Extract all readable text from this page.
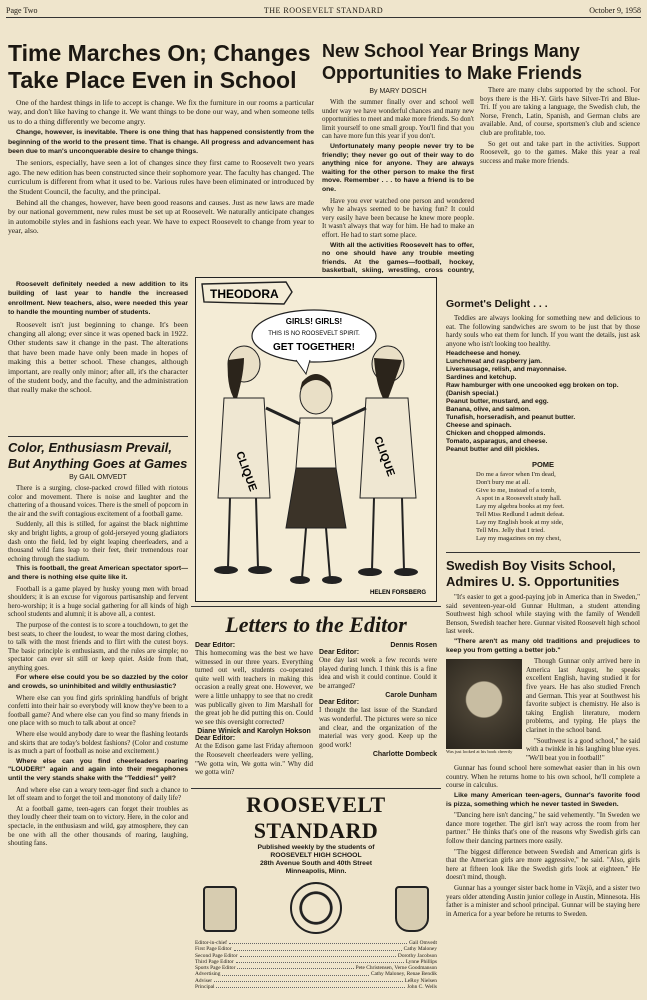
Page Two	THE ROOSEVELT STANDARD	October 9, 1958
Time Marches On; Changes Take Place Even in School

One of the hardest things in life to accept is change. We fix the furniture in our rooms a particular way, and don't like having to change it. We want things to be done our way, and when someone tells us to do a thing differently we become angry.

Change, however, is inevitable. There is one thing that has happened consistently from the beginning of the world to the present time. That is change. All progress and advancement has been due to man's unconquerable desire to change things.

The seniors, especially, have seen a lot of changes since they first came to Roosevelt two years ago. The new edition has been constructed since their sophomore year. The faculty has changed. The curriculum is different from what it used to be. Various rules have been eliminated or introduced by the Student Council, the faculty, and the principal.

Behind all the changes, however, have been good reasons and causes. Just as new laws are made by our national government, new rules must be set up at Roosevelt. We naturally anticipate changes in automobile styles and in fashions each year. We have to expect Roosevelt to change from year to year, also.

Roosevelt definitely needed a new addition to its building of last year to handle the increased enrollment. New teachers, also, were needed this year to handle the mounting number of students.

Roosevelt isn't just beginning to change. It's been changing all along; ever since it was opened back in 1922. Other students saw it change in the past. The alterations that have been made have only been made in hopes of making this a better school. These changes, although important, are really only minor; after all, it's the character of the student body, and the faculty, and the administration that really make the school.

Color, Enthusiasm Prevail, But Anything Goes at Games
By GAIL OMVEDT

There is a surging, close-packed crowd filled with riotous color and movement. There is noise and laughter and the chattering of a thousand voices. There is the smell of popcorn in the air and the swift contagious excitement of a football game.

Suddenly, all this is stilled, for against the black nighttime sky and bright lights, a group of gold-jerseyed young gladiators dash onto the field, led by eight leaping cheerleaders, and a thousand wild fans leap to their feet, their tremendous roar echoing through the stadium.

This is football, the great American spectator sport—and there is nothing else quite like it.

Football is a game played by husky young men with broad shoulders; it is an excuse for vigorous partisanship and fervent hero-worship; it is a huge social gathering for all kinds of high school students and alumni; it is above all, a contest.

The purpose of the contest is to score a touchdown, to get the best seats, to cheer the loudest, to wear the most daring clothes, to talk with the most friends and to flirt with the cutest boys. The basic principle is enthusiasm, and the rules are simple; no spectator can ever sit still or keep quiet. Aside from that, anything goes.

For where else could you be so dazzled by the color and crowds, so uninhibited and wildly enthusiastic?

Where else can you find girls sprinkling handfuls of bright confetti into their hair so everybody will know they've been to a football game? And where else can you find so many friends in one place with so much to talk about at once?

Where else would anybody dare to wear the flashing leotards and skirts that are today's boldest fashions? (Color and costume is as much a part of football as noise and excitement.)

Where else can you find cheerleaders roaring "LOUDER!" again and again into their megaphones until the very stands shake with the "Teddies!" yell?

And where else can a weary teen-ager find such a chance to let off steam and to forget the toil and monotony of daily life?

At a football game, teen-agers can forget their troubles as they loudly cheer their team on to victory. Here, in the color and spectacle, in the enthusiasm and wild, gay atmosphere, they can be one with all the other thousands of roaring, laughing, shouting fans.

New School Year Brings Many Opportunities to Make Friends
By MARY DOSCH

With the summer finally over and school well under way we have wonderful chances and many new opportunities to meet and make more friends. So don't limit yourself to one small group. You'll find that you can have more fun this year if you don't.

Unfortunately many people never try to be friendly; they never go out of their way to do anything nice for anyone. They are always waiting for the other person to make the first move. Remember . . . to have a friend is to be one.

Have you ever watched one person and wondered why he always seemed to be having fun? It could very easily have been because he knew more people. It wasn't always that way for him. He had to make an effort. He had to start some place.

With all the activities Roosevelt has to offer, no one should have any trouble meeting friends. At the games—football, hockey, basketball, skiing, wrestling, cross country,

There are many clubs supported by the school. For boys there is the Hi-Y. Girls have Silver-Tri and Blue-Tri. If you are taking a language, the Swedish club, the Norse, French, Latin, Spanish, and German clubs are available. And, of course, sportsmen's club and science club are profitable, too.

So get out and take part in the activities. Support Roosevelt, go to the games. Make this year a real success and make more friends.

THEODORA
GIRLS! GIRLS!
THIS IS NO ROOSEVELT SPIRIT.
GET TOGETHER!
CLIQUE	CLIQUE
HELEN FORSBERG
Gormet's Delight . . .

Teddies are always looking for something new and delicious to eat. The following sandwiches are sworn to be just that by those hardy souls who eat them for lunch. If you want the details, just ask anyone who isn't looking too healthy.

Headcheese and honey.
Lunchmeat and raspberry jam.
Liversausage, relish, and mayonnaise.
Sardines and ketchup.
Raw hamburger with one uncooked egg broken on top. (Danish special.)
Peanut butter, mustard, and egg.
Banana, olive, and salmon.
Tunafish, horseradish, and peanut butter.
Cheese and spinach.
Chicken and chopped almonds.
Tomato, asparagus, and cheese.
Peanut butter and dill pickles.
POME
Do me a favor when I'm dead,
Don't bury me at all.
Give to me, instead of a tomb,
A spot in a Roosevelt study hall.
Lay my algebra books at my feet.
Tell Miss Redlund I admit defeat.
Lay my English book at my side,
Tell Mrs. Jelly that I tried.
Lay my magazines on my chest,
Swedish Boy Visits School, Admires U. S. Opportunities

"It's easier to get a good-paying job in America than in Sweden," said seventeen-year-old Gunnar Hultman, a student attending Southwest high school while staying with the family of Wendell Benson, Swedish teacher here. Gunnar visited Roosevelt high school last week.

"There aren't as many old traditions and prejudices to keep you from getting a better job."

Was just looked at his book cheerily

Though Gunnar only arrived here in America last August, he speaks excellent English, having studied it for five years. He has also studied French and German. This year at Southwest his favorite subject is chemistry. He also is taking English literature, modern problems, and typing. He plays the clarinet in the school band.

"Southwest is a good school," he said with a twinkle in his laughing blue eyes. "We'll beat you in football!"

Gunnar has found school here somewhat easier than in his own country. When he returns home to his own school, he'll complete a course in calculus.

Like many American teen-agers, Gunnar's favorite food is pizza, something which he never tasted in Sweden.

"Dancing here isn't dancing," he said vehemently. "In Sweden we dance more together. The girl isn't way across the room from her partner." He thinks that's one of the reasons why Swedish girls can follow their dancing partners more easily.

"The biggest difference between Swedish and American girls is that the American girls are more aggressive," he said. "Also, girls here at fifteen look like the Swedish girls look at eighteen." He doesn't mind, though.

Gunnar has a younger sister back home in Växjö, and a sister two years older attending Austin junior college in Austin, Minnesota. His father is a minister and school principal. Gunnar will be staying here in America for a year before he returns to Sweden.

Letters to the Editor
Dear Editor:

This homecoming was the best we have witnessed in our three years. Everything turned out well, students co-operated quite well with teachers in making this occasion a really great one. However, we were a little unhappy to see that no credit was publically given to Jim Marshall for the great job he did putting this on. Could we see this oversight corrected?

Diane Winick and Karolyn Hokson
Dear Editor:

At the Edison game last Friday afternoon the Roosevelt cheerleaders were yelling, "We gotta win, We gotta win." Why did we gotta win?

Dennis Rosen
Dear Editor:

One day last week a few records were played during lunch. I think this is a fine idea and wish it could continue. Could it be arranged?

Carole Dunham
Dear Editor:

I thought the last issue of the Standard was wonderful. The pictures were so nice and clear, and the organization of the material was very good. Keep up the good work!

Charlotte Dombeck
ROOSEVELT STANDARD
Published weekly by the students of
ROOSEVELT HIGH SCHOOL
28th Avenue South and 40th Street
Minneapolis, Minn.
Editor-in-chief	Gail Omvedt
First Page Editor	Cathy Maloney
Second Page Editor	Dorothy Jacobson
Third Page Editor	Lynne Phillips
Sports Page Editor	Pete Christensen, Verne Goodmanson
Advertising	Cathy Maloney, Renae Bendik
Adviser	LeRoy Nielsen
Principal	John C. Wells
